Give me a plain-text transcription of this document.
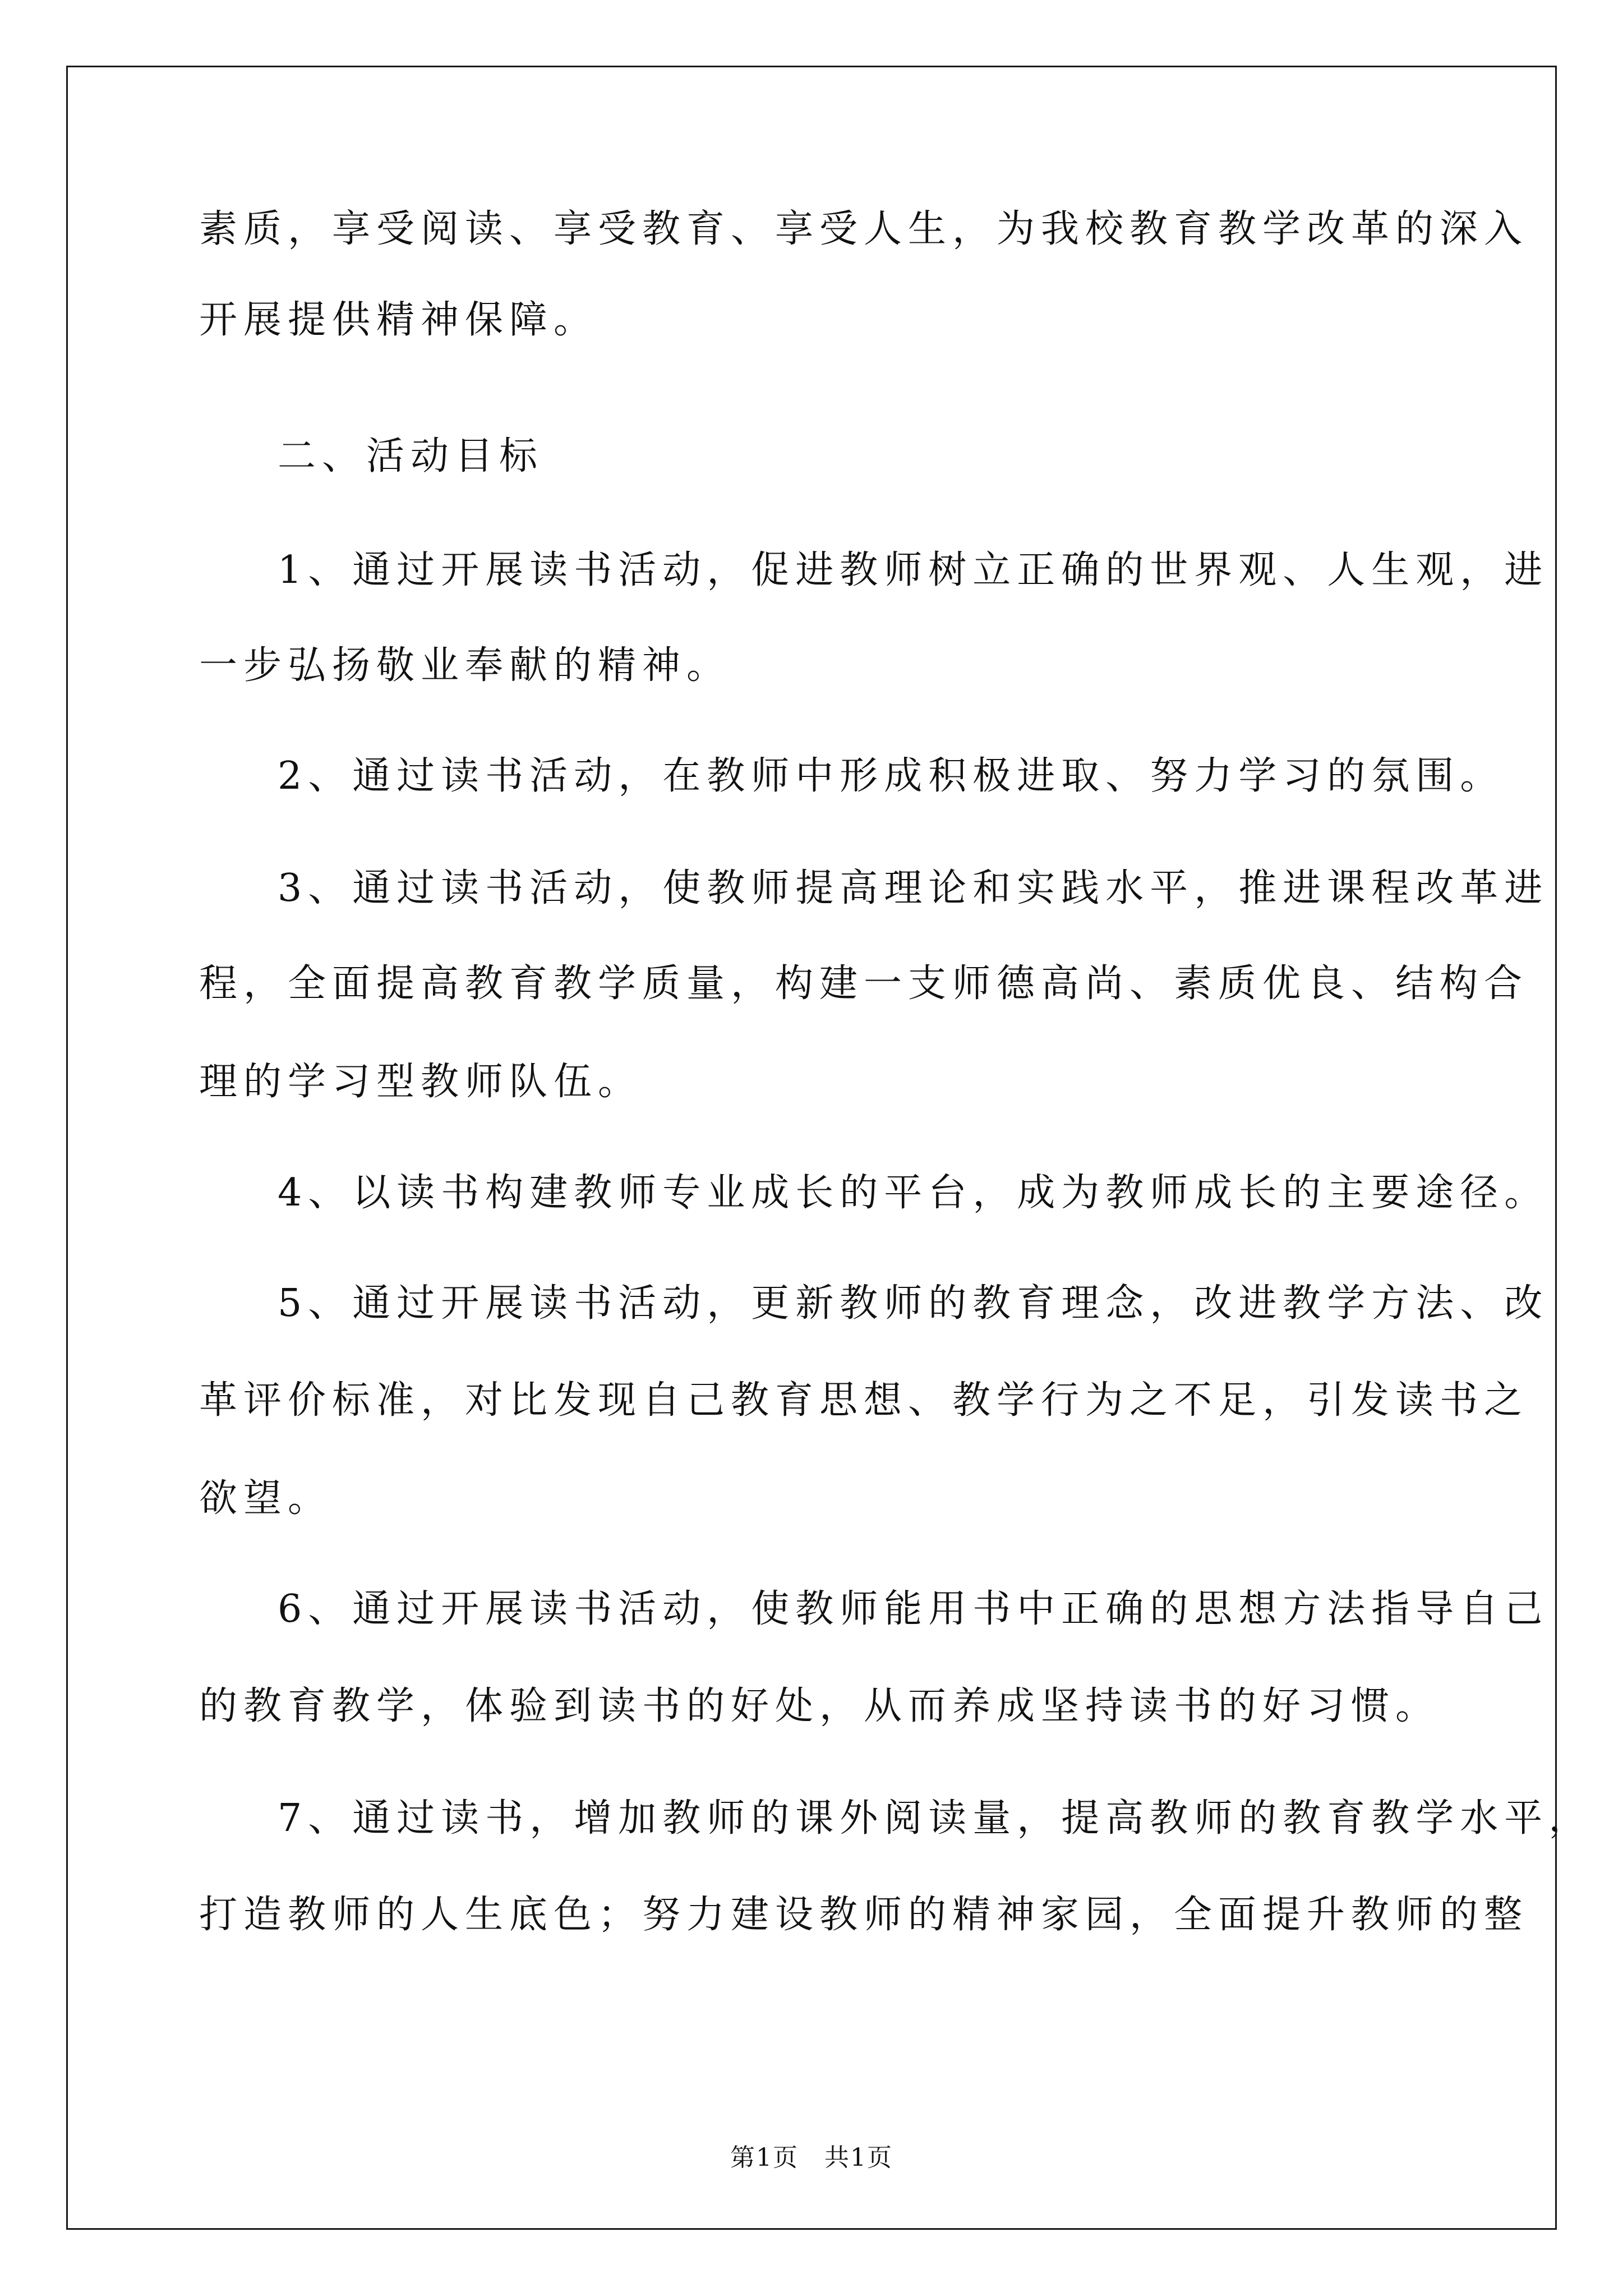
素质，享受阅读、享受教育、享受人生，为我校教育教学改革的深入
开展提供精神保障。
二、活动目标
1、通过开展读书活动，促进教师树立正确的世界观、人生观，进
一步弘扬敬业奉献的精神。
2、通过读书活动，在教师中形成积极进取、努力学习的氛围。
3、通过读书活动，使教师提高理论和实践水平，推进课程改革进
程，全面提高教育教学质量，构建一支师德高尚、素质优良、结构合
理的学习型教师队伍。
4、以读书构建教师专业成长的平台，成为教师成长的主要途径。
5、通过开展读书活动，更新教师的教育理念，改进教学方法、改
革评价标准，对比发现自己教育思想、教学行为之不足，引发读书之
欲望。
6、通过开展读书活动，使教师能用书中正确的思想方法指导自己
的教育教学，体验到读书的好处，从而养成坚持读书的好习惯。
7、通过读书，增加教师的课外阅读量，提高教师的教育教学水平，
打造教师的人生底色；努力建设教师的精神家园，全面提升教师的整
第1页　共1页
